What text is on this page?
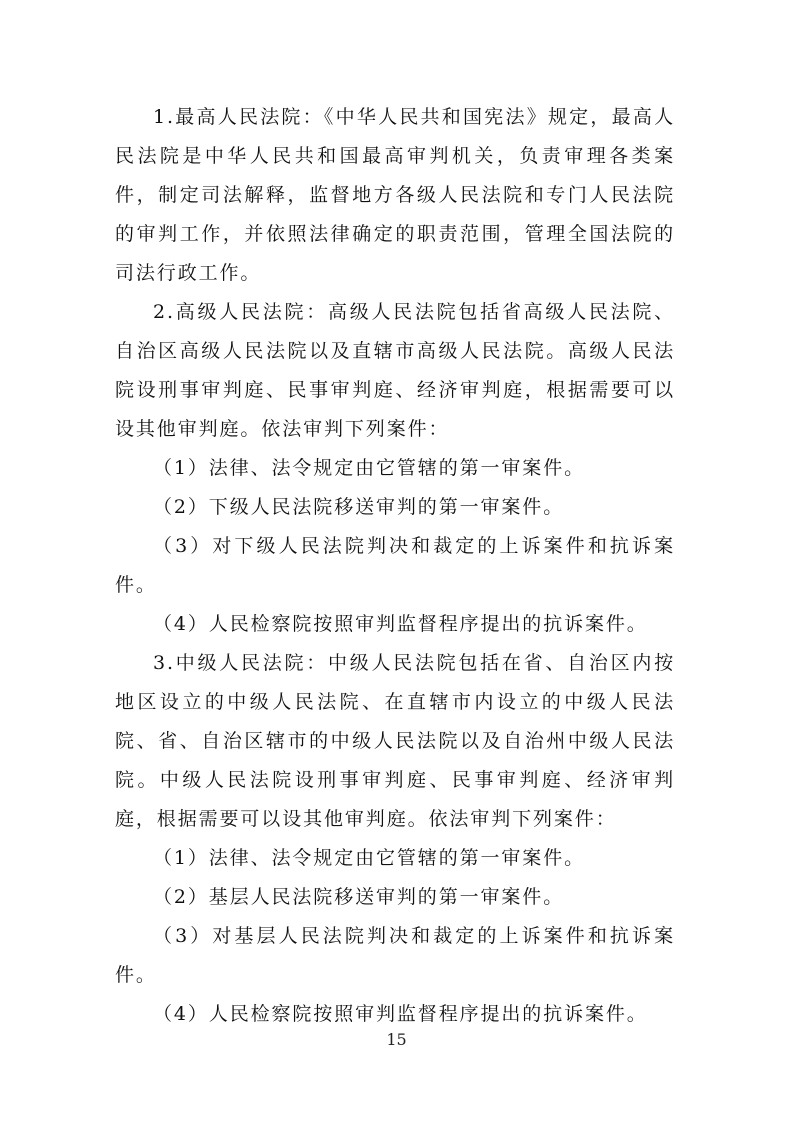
1.最高人民法院：《中华人民共和国宪法》规定，最高人民法院是中华人民共和国最高审判机关，负责审理各类案件，制定司法解释，监督地方各级人民法院和专门人民法院的审判工作，并依照法律确定的职责范围，管理全国法院的司法行政工作。

2.高级人民法院：高级人民法院包括省高级人民法院、自治区高级人民法院以及直辖市高级人民法院。高级人民法院设刑事审判庭、民事审判庭、经济审判庭，根据需要可以设其他审判庭。依法审判下列案件：

（1）法律、法令规定由它管辖的第一审案件。

（2）下级人民法院移送审判的第一审案件。

（3）对下级人民法院判决和裁定的上诉案件和抗诉案件。

（4）人民检察院按照审判监督程序提出的抗诉案件。

3.中级人民法院：中级人民法院包括在省、自治区内按地区设立的中级人民法院、在直辖市内设立的中级人民法院、省、自治区辖市的中级人民法院以及自治州中级人民法院。中级人民法院设刑事审判庭、民事审判庭、经济审判庭，根据需要可以设其他审判庭。依法审判下列案件：

（1）法律、法令规定由它管辖的第一审案件。

（2）基层人民法院移送审判的第一审案件。

（3）对基层人民法院判决和裁定的上诉案件和抗诉案件。

（4）人民检察院按照审判监督程序提出的抗诉案件。

15
